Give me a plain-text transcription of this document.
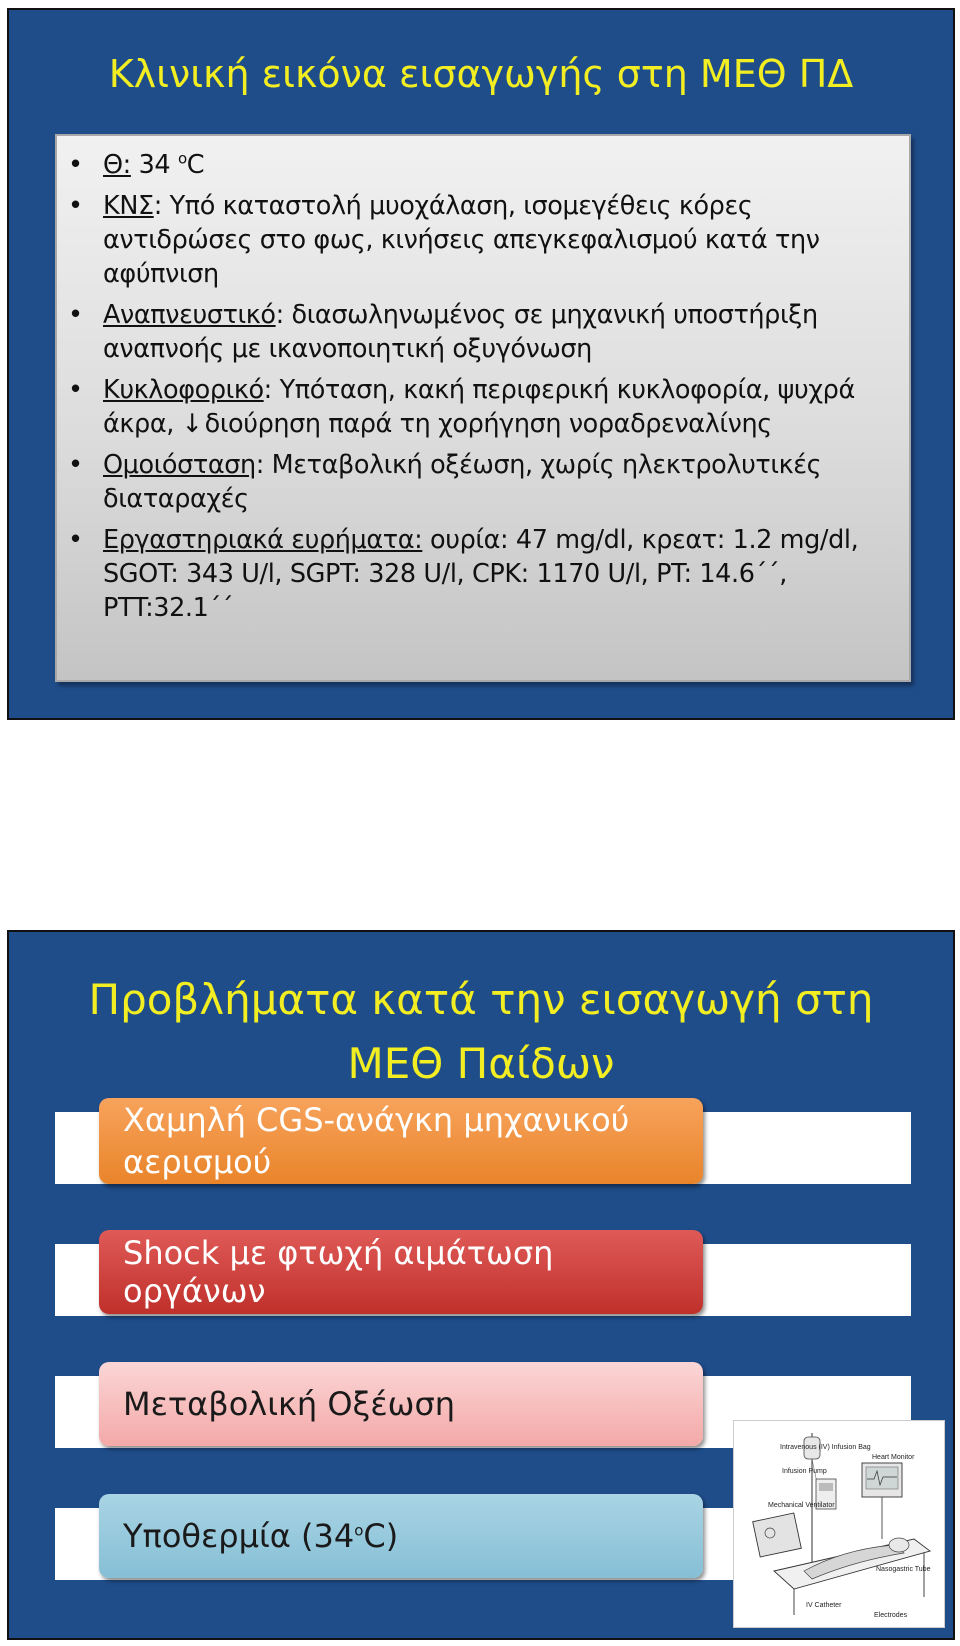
Κλινική εικόνα εισαγωγής στη ΜΕΘ ΠΔ
• Θ: 34 $^o$C
• ΚΝΣ: Υπό καταστολή μυοχάλαση, ισομεγέθεις κόρες αντιδρώσες στο φως, κινήσεις απεγκεφαλισμού κατά την αφύπνιση
• Αναπνευστικό: διασωληνωμένος σε μηχανική υποστήριξη αναπνοής με ικανοποιητική οξυγόνωση
• Κυκλοφορικό: Υπόταση, κακή περιφερική κυκλοφορία, ψυχρά άκρα, ↓διούρηση παρά τη χορήγηση νοραδρεναλίνης
• Ομοιόσταση: Μεταβολική οξέωση, χωρίς ηλεκτρολυτικές διαταραχές
• Εργαστηριακά ευρήματα: ουρία: 47 mg/dl, κρεατ: 1.2 mg/dl, SGOT: 343 U/l, SGPT: 328 U/l, CPK: 1170 U/l, PT: 14.6΄΄, PTT:32.1΄΄
Προβλήματα κατά την εισαγωγή στη
ΜΕΘ Παίδων
Χαμηλή CGS-ανάγκη μηχανικού αερισμού
Shock με φτωχή αιμάτωση οργάνων
Μεταβολική Οξέωση
Υποθερμία (34$^o$C)
Intravenous (IV) Infusion Bag
Heart Monitor
Infusion Pump
Mechanical Ventilator
Nasogastric Tube
IV Catheter
Electrodes
